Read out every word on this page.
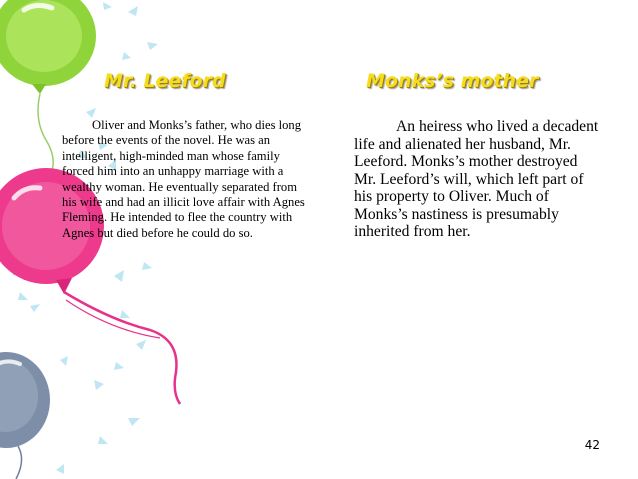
Mr. Leeford

Oliver and Monks’s father, who dies long before the events of the novel. He was an intelligent, high-minded man whose family forced him into an unhappy marriage with a wealthy woman. He eventually separated from his wife and had an illicit love affair with Agnes Fleming. He intended to flee the country with Agnes but died before he could do so.

Monks’s mother

An heiress who lived a decadent life and alienated her husband, Mr. Leeford. Monks’s mother destroyed Mr. Leeford’s will, which left part of his property to Oliver. Much of Monks’s nastiness is presumably inherited from her.

42
